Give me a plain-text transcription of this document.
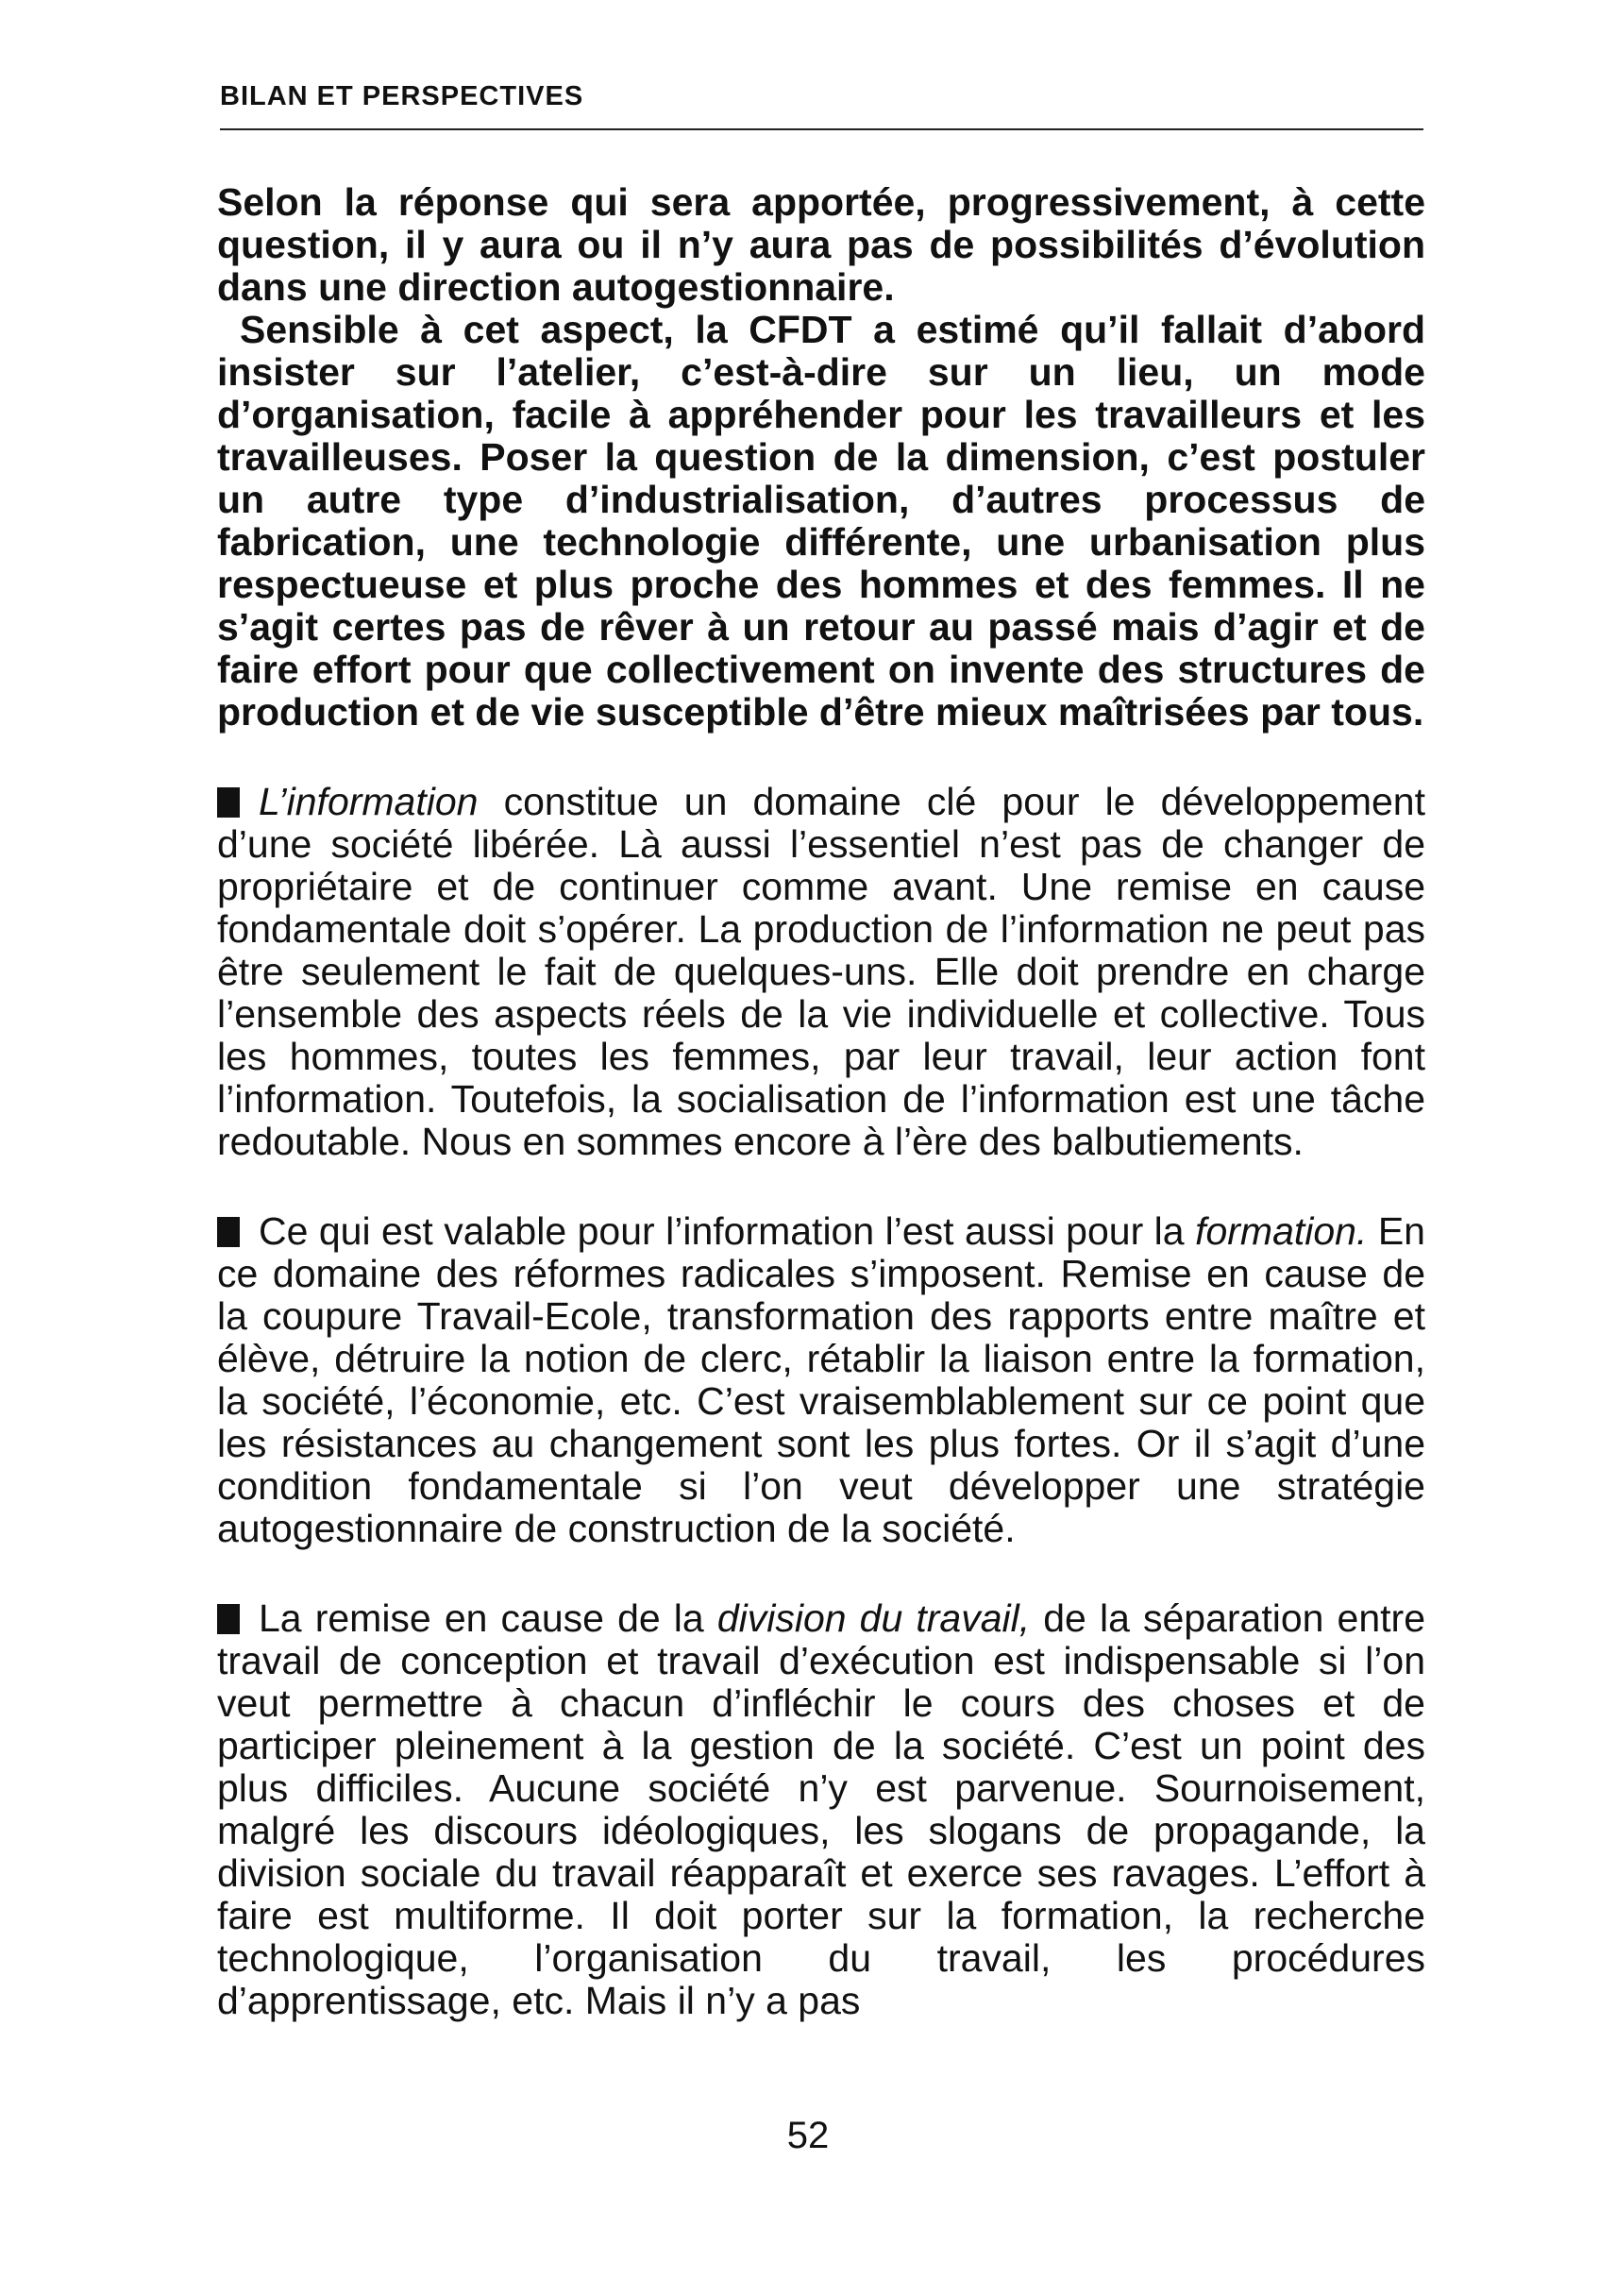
BILAN ET PERSPECTIVES

Selon la réponse qui sera apportée, progressivement, à cette question, il y aura ou il n’y aura pas de possibilités d’évolution dans une direction autogestionnaire.

Sensible à cet aspect, la CFDT a estimé qu’il fallait d’abord insister sur l’atelier, c’est-à-dire sur un lieu, un mode d’organisation, facile à appréhender pour les travailleurs et les travailleuses. Poser la question de la dimension, c’est postuler un autre type d’industrialisation, d’autres processus de fabrication, une technologie différente, une urbanisation plus respectueuse et plus proche des hommes et des femmes. Il ne s’agit certes pas de rêver à un retour au passé mais d’agir et de faire effort pour que collectivement on invente des structures de production et de vie susceptible d’être mieux maîtrisées par tous.

L’information constitue un domaine clé pour le développement d’une société libérée. Là aussi l’essentiel n’est pas de changer de propriétaire et de continuer comme avant. Une remise en cause fondamentale doit s’opérer. La production de l’information ne peut pas être seulement le fait de quelques-uns. Elle doit prendre en charge l’ensemble des aspects réels de la vie individuelle et collective. Tous les hommes, toutes les femmes, par leur travail, leur action font l’information. Toutefois, la socialisation de l’information est une tâche redoutable. Nous en sommes encore à l’ère des balbutiements.

Ce qui est valable pour l’information l’est aussi pour la formation. En ce domaine des réformes radicales s’imposent. Remise en cause de la coupure Travail-Ecole, transformation des rapports entre maître et élève, détruire la notion de clerc, rétablir la liaison entre la formation, la société, l’économie, etc. C’est vraisemblablement sur ce point que les résistances au changement sont les plus fortes. Or il s’agit d’une condition fondamentale si l’on veut développer une stratégie autogestionnaire de construction de la société.

La remise en cause de la division du travail, de la séparation entre travail de conception et travail d’exécution est indispensable si l’on veut permettre à chacun d’infléchir le cours des choses et de participer pleinement à la gestion de la société. C’est un point des plus difficiles. Aucune société n’y est parvenue. Sournoisement, malgré les discours idéologiques, les slogans de propagande, la division sociale du travail réapparaît et exerce ses ravages. L’effort à faire est multiforme. Il doit porter sur la formation, la recherche technologique, l’organisation du travail, les procédures d’apprentissage, etc. Mais il n’y a pas

52
